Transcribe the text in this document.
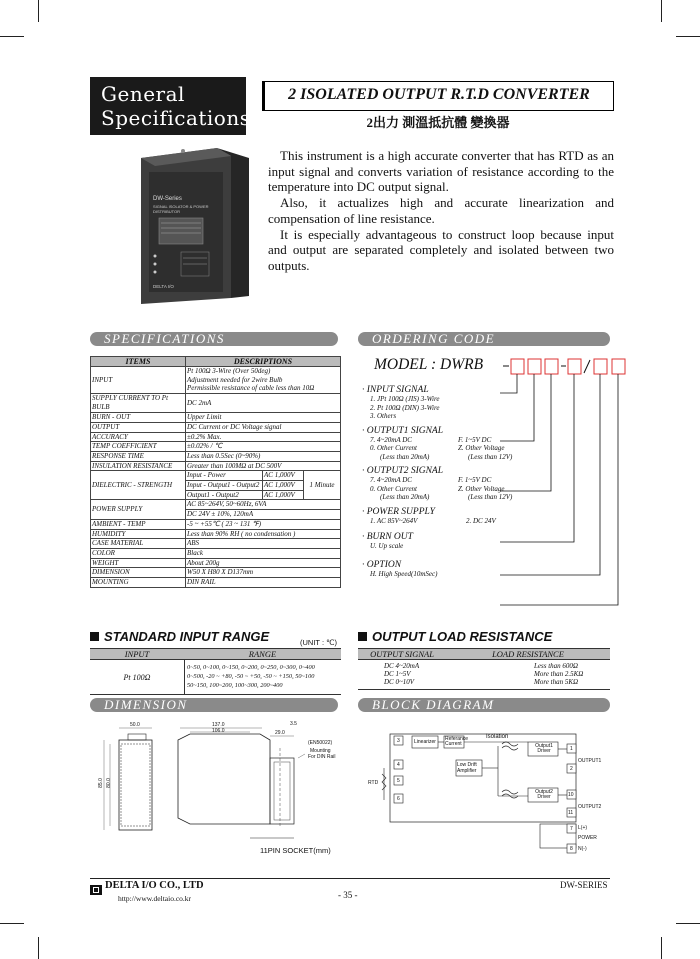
General
Specifications
2 ISOLATED OUTPUT R.T.D CONVERTER
2出力 測溫抵抗體 變換器
DW-Series
SIGNAL ISOLATOR & POWER DISTRIBUTOR
DELTA I/O

This instrument is a high accurate converter that has RTD as an input signal and converts variation of resistance according to the temperature into DC output signal.

Also, it actualizes high and accurate linearization and compensation of line resistance.

It is especially advantageous to construct loop because input and output are separated completely and isolated between two outputs.

SPECIFICATIONS
ITEMS	DESCRIPTIONS		
INPUT	Pt 100Ω 3-Wire (Over 50deg)
Adjustment needed for 2wire Bulb
Permissible resistance of cable less than 10Ω		

SUPPLY CURRENT TO Pt BULB	DC 2mA		
BURN - OUT	Upper Limit		
OUTPUT	DC Current or DC Voltage signal		
ACCURACY	±0.2% Max.		
TEMP COEFFICIENT	±0.02% / ℃		
RESPONSE TIME	Less than 0.5Sec (0~90%)		
INSULATION RESISTANCE	Greater than 100MΩ at DC 500V		
DIELECTRIC - STRENGTH	Input - Power	AC 1,000V	1 Minute
	Input - Output1 - Output2	AC 1,000V	
	Output1 - Output2	AC 1,000V	
POWER SUPPLY	AC 85~264V, 50~60Hz, 6VA		
	DC 24V ± 10%, 120mA		
AMBIENT - TEMP	-5 ~ +55℃ ( 23 ~ 131 ℉)		
HUMIDITY	Less than 90% RH ( no condensation )		
CASE MATERIAL	ABS		
COLOR	Black		
WEIGHT	About 200g		
DIMENSION	W50 X H80 X D137mm		
MOUNTING	DIN RAIL		
ORDERING CODE
MODEL : DWRB
· INPUT SIGNAL
1. JPt 100Ω (JIS) 3-Wire
2. Pt 100Ω (DIN) 3-Wire
3. Others
· OUTPUT1 SIGNAL
7. 4~20mA DC
0. Other Current
(Less than 20mA)
F. 1~5V DC
Z. Other Voltage
(Less than 12V)
· OUTPUT2 SIGNAL
7. 4~20mA DC
0. Other Current
(Less than 20mA)
F. 1~5V DC
Z. Other Voltage
(Less than 12V)
· POWER SUPPLY
1. AC 85V~264V	2. DC 24V
· BURN OUT
U. Up scale
· OPTION
H. High Speed(10mSec)
STANDARD INPUT RANGE	(UNIT : ℃)
INPUT	RANGE
Pt 100Ω
0~50, 0~100, 0~150, 0~200, 0~250, 0~300, 0~400
0~500, -20 ~ +80, -50 ~ +50, -50 ~ +150, 50~100
50~150, 100~200, 100~300, 200~400
OUTPUT LOAD RESISTANCE
OUTPUT SIGNAL	LOAD RESISTANCE
DC 4~20mA	Less than 600Ω
DC 1~5V	More than 2.5KΩ
DC 0~10V	More than 5KΩ
DIMENSION
50.0	137.0
106.0	29.0
3.5
85.0 80.0
(EN50022)
Mounting
For DIN Rail
11PIN SOCKET(mm)
BLOCK DIAGRAM
Linearizer Referance Current
Isolation
Low Drift Amplifier
Output1 Driver
Output2 Driver
RTD
OUTPUT1
OUTPUT2
POWER
L(+)
N(-)
3
4
5
6
1
2
10
11
7
8
DELTA I/O CO., LTD
http://www.deltaio.co.kr	- 35 -
DW-SERIES
